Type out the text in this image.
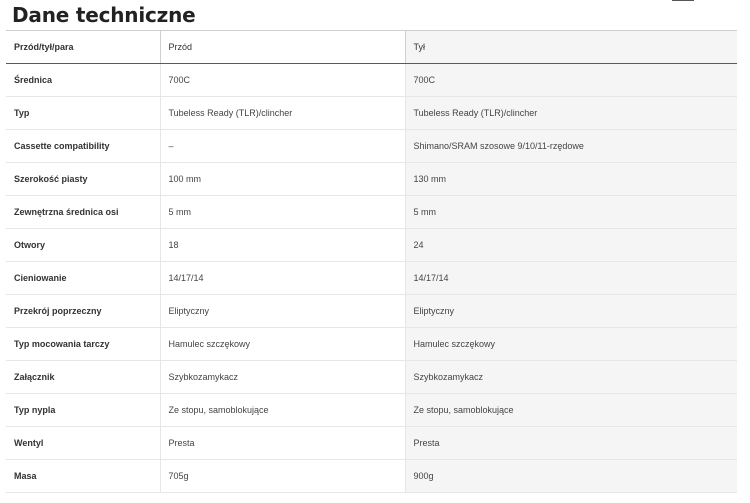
Dane techniczne
Przód/tył/para	Przód	Tył
Średnica	700C	700C
Typ	Tubeless Ready (TLR)/clincher	Tubeless Ready (TLR)/clincher
Cassette compatibility	–	Shimano/SRAM szosowe 9/10/11-rzędowe
Szerokość piasty	100 mm	130 mm
Zewnętrzna średnica osi	5 mm	5 mm
Otwory	18	24
Cieniowanie	14/17/14	14/17/14
Przekrój poprzeczny	Eliptyczny	Eliptyczny
Typ mocowania tarczy	Hamulec szczękowy	Hamulec szczękowy
Załącznik	Szybkozamykacz	Szybkozamykacz
Typ nypla	Ze stopu, samoblokujące	Ze stopu, samoblokujące
Wentyl	Presta	Presta
Masa	705g	900g
